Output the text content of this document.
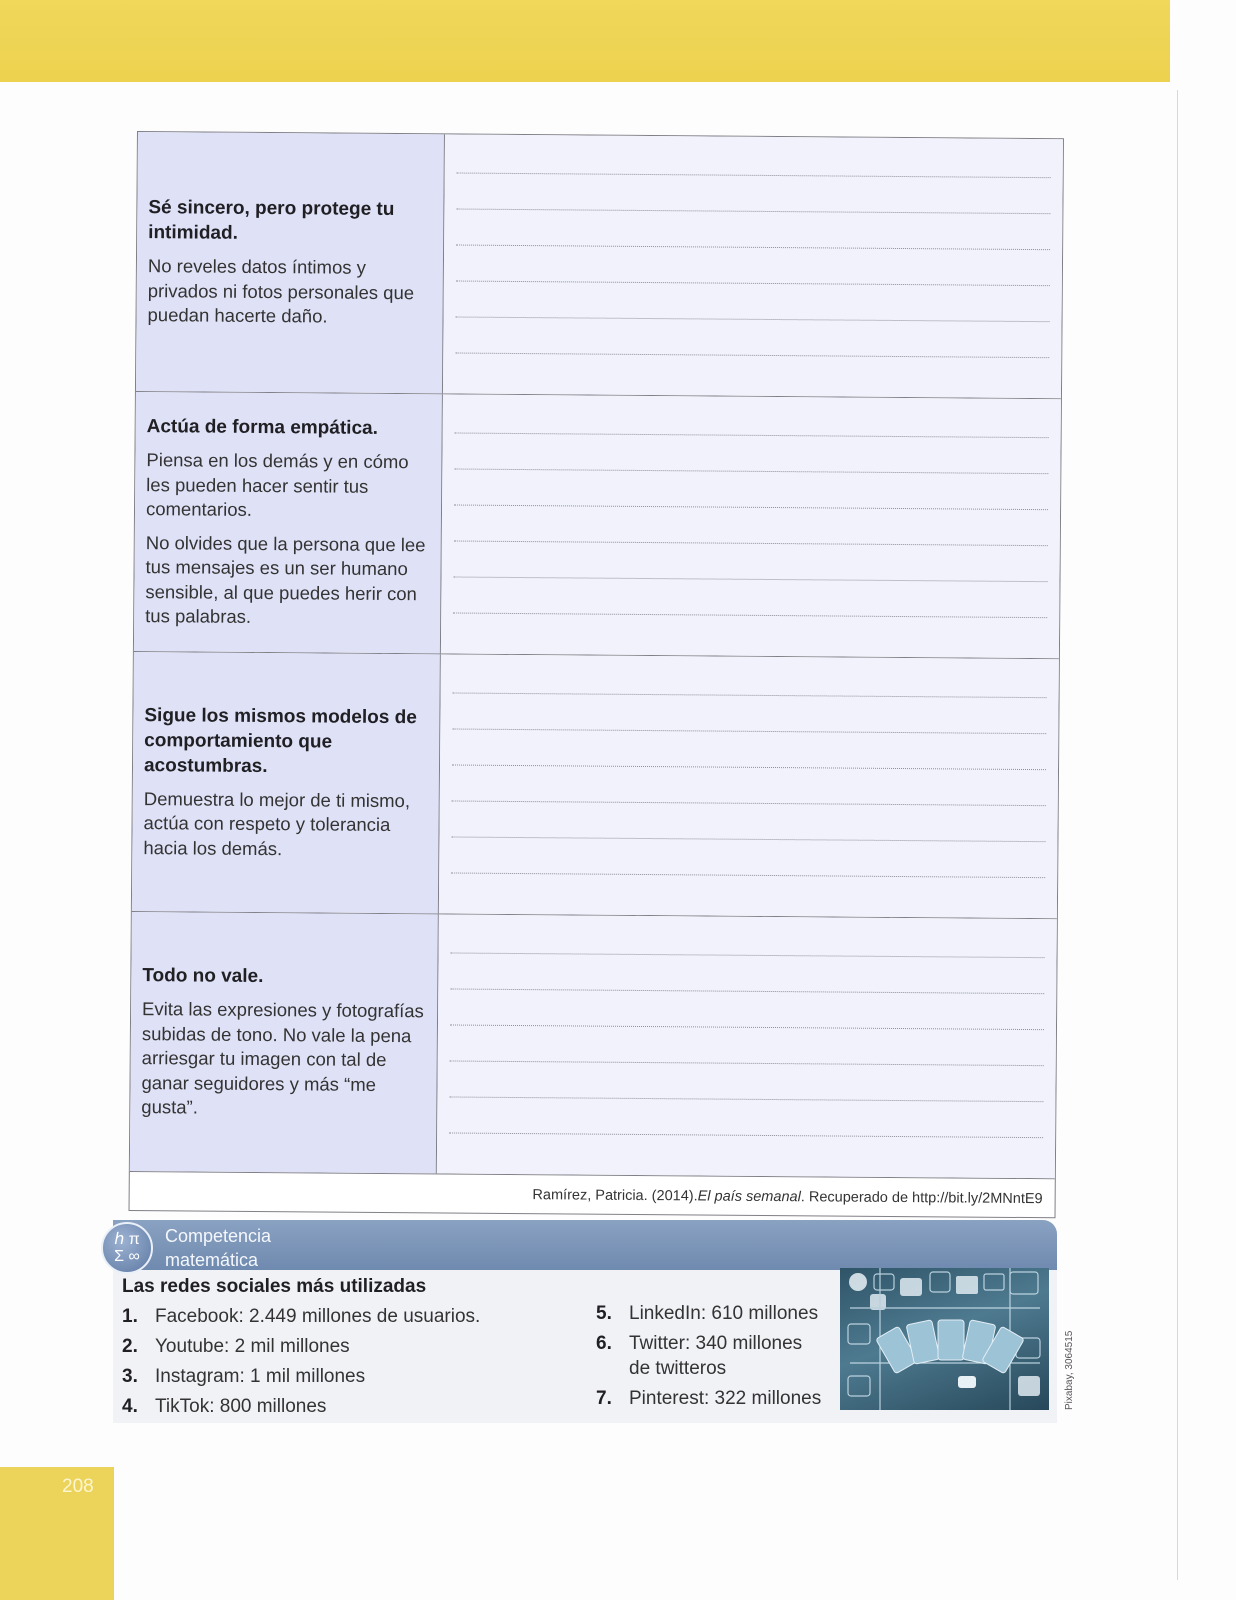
Sé sincero, pero protege tu intimidad.

No reveles datos íntimos y privados ni fotos personales que puedan hacerte daño.

Actúa de forma empática.

Piensa en los demás y en cómo les pueden hacer sentir tus comentarios.

No olvides que la persona que lee tus mensajes es un ser humano sensible, al que puedes herir con tus palabras.

Sigue los mismos modelos de comportamiento que acostumbras.

Demuestra lo mejor de ti mismo, actúa con respeto y tolerancia hacia los demás.

Todo no vale.

Evita las expresiones y fotografías subidas de tono. No vale la pena arriesgar tu imagen con tal de ganar seguidores y más “me gusta”.

Ramírez, Patricia. (2014). El país semanal . Recuperado de http://bit.ly/2MNntE9
ℎ π
Σ ∞
Competencia
matemática
Las redes sociales más utilizadas
1. Facebook: 2.449 millones de usuarios.
2. Youtube: 2 mil millones
3. Instagram: 1 mil millones
4. TikTok: 800 millones
5. LinkedIn: 610 millones
6. Twitter: 340 millones de twitteros
7. Pinterest: 322 millones	Pixabay, 3064515
208
